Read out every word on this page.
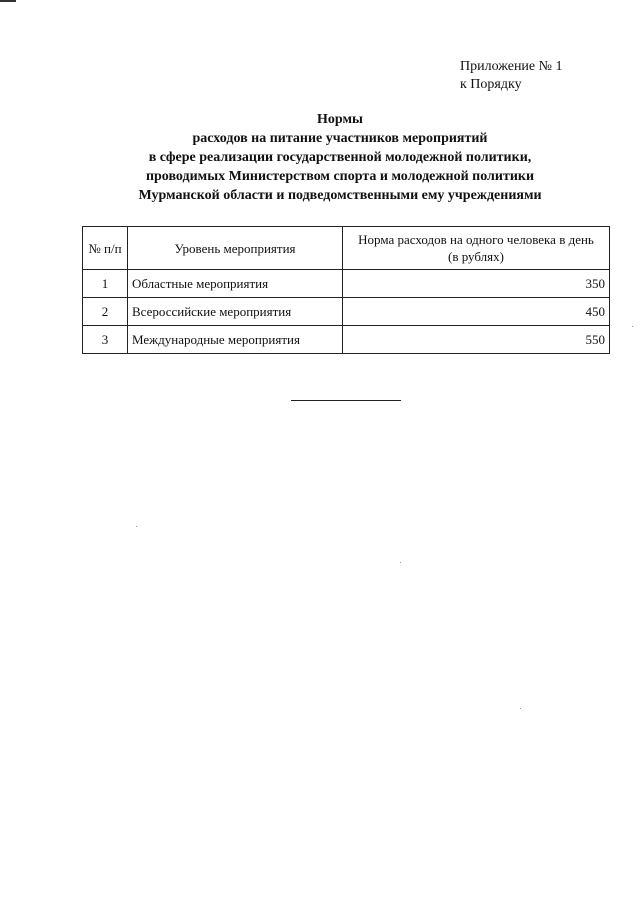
Приложение № 1
к Порядку
Нормы
расходов на питание участников мероприятий
в сфере реализации государственной молодежной политики,
проводимых Министерством спорта и молодежной политики
Мурманской области и подведомственными ему учреждениями
№ п/п	Уровень мероприятия	Норма расходов на одного человека в день
(в рублях)

1	Областные мероприятия	350
2	Всероссийские мероприятия	450
3	Международные мероприятия	550
